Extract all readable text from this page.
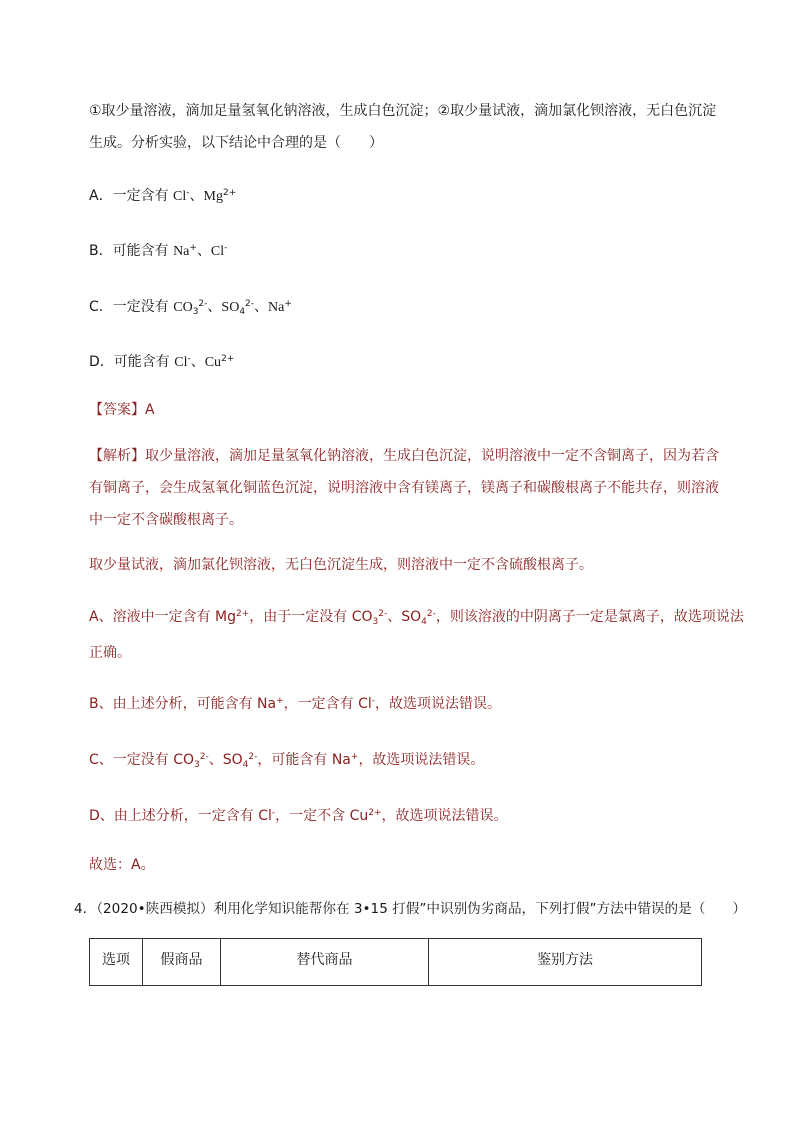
①取少量溶液，滴加足量氢氧化钠溶液，生成白色沉淀；②取少量试液，滴加氯化钡溶液，无白色沉淀
生成。分析实验，以下结论中合理的是（　　）
A．一定含有 Cl-、$Mg^{2+}$
B．可能含有 Na+、Cl-
C．一定没有 $CO_3^{2-}$、$SO_4^{2-}$、Na+
D．可能含有 Cl-、$Cu^{2+}$
【答案】A
【解析】取少量溶液，滴加足量氢氧化钠溶液，生成白色沉淀，说明溶液中一定不含铜离子，因为若含
有铜离子，会生成氢氧化铜蓝色沉淀，说明溶液中含有镁离子，镁离子和碳酸根离子不能共存，则溶液
中一定不含碳酸根离子。
取少量试液，滴加氯化钡溶液，无白色沉淀生成，则溶液中一定不含硫酸根离子。
A、溶液中一定含有 $Mg^{2+}$，由于一定没有 $CO_3^{2-}$、$SO_4^{2-}$，则该溶液的中阴离子一定是氯离子，故选项说法
正确。
B、由上述分析，可能含有 Na+，一定含有 Cl-，故选项说法错误。
C、一定没有 $CO_3^{2-}$、$SO_4^{2-}$，可能含有 Na+，故选项说法错误。
D、由上述分析，一定含有 Cl-，一定不含 $Cu^{2+}$，故选项说法错误。
故选：A。
4．（2020•陕西模拟）利用化学知识能帮你在 3•15 打假”中识别伪劣商品，下列打假”方法中错误的是（　　）
选项	假商品	替代商品	鉴别方法
